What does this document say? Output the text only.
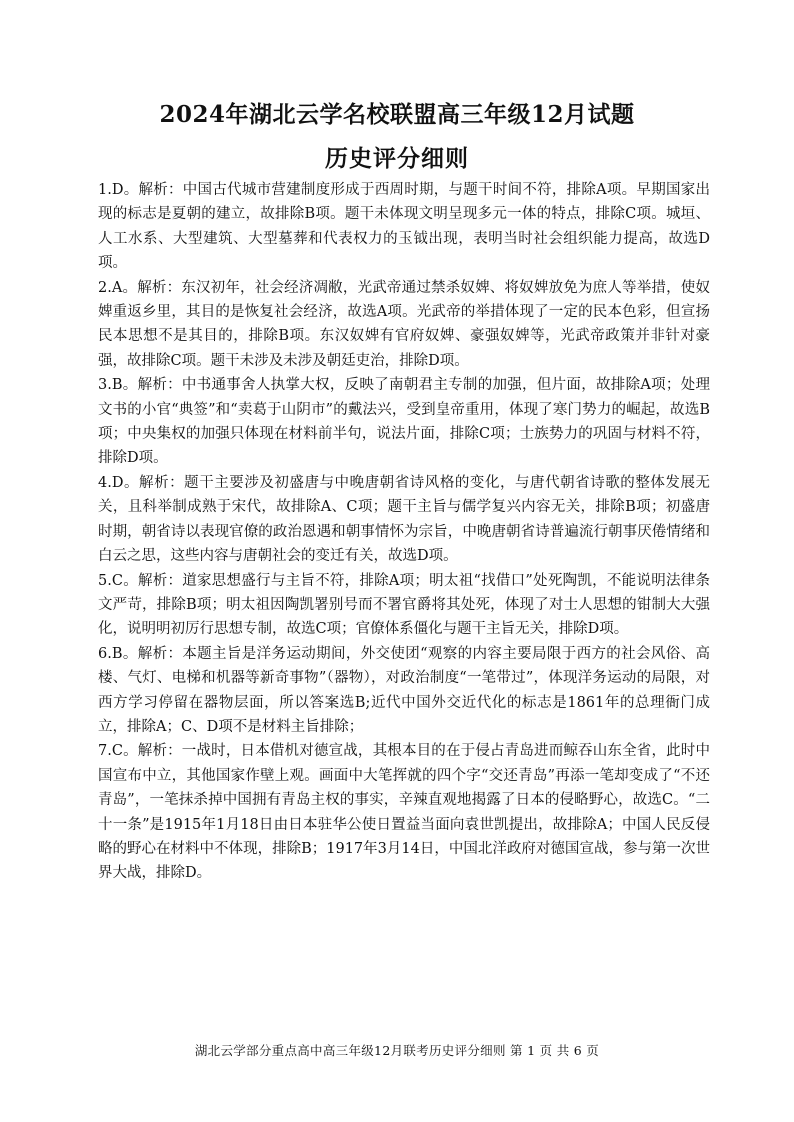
2024年湖北云学名校联盟高三年级12月试题
历史评分细则

1.D。解析：中国古代城市营建制度形成于西周时期，与题干时间不符，排除A项。早期国家出现的标志是夏朝的建立，故排除B项。题干未体现文明呈现多元一体的特点，排除C项。城垣、人工水系、大型建筑、大型墓葬和代表权力的玉钺出现，表明当时社会组织能力提高，故选D项。

2.A。解析：东汉初年，社会经济凋敝，光武帝通过禁杀奴婢、将奴婢放免为庶人等举措，使奴婢重返乡里，其目的是恢复社会经济，故选A项。光武帝的举措体现了一定的民本色彩，但宣扬民本思想不是其目的，排除B项。东汉奴婢有官府奴婢、豪强奴婢等，光武帝政策并非针对豪强，故排除C项。题干未涉及未涉及朝廷吏治，排除D项。

3.B。解析：中书通事舍人执掌大权，反映了南朝君主专制的加强，但片面，故排除A项；处理文书的小官“典签”和“卖葛于山阴市”的戴法兴，受到皇帝重用，体现了寒门势力的崛起，故选B项；中央集权的加强只体现在材料前半句，说法片面，排除C项；士族势力的巩固与材料不符，排除D项。

4.D。解析：题干主要涉及初盛唐与中晚唐朝省诗风格的变化，与唐代朝省诗歌的整体发展无关，且科举制成熟于宋代，故排除A、C项；题干主旨与儒学复兴内容无关，排除B项；初盛唐时期，朝省诗以表现官僚的政治恩遇和朝事情怀为宗旨，中晚唐朝省诗普遍流行朝事厌倦情绪和白云之思，这些内容与唐朝社会的变迁有关，故选D项。

5.C。解析：道家思想盛行与主旨不符，排除A项；明太祖“找借口”处死陶凯，不能说明法律条文严苛，排除B项；明太祖因陶凯署别号而不署官爵将其处死，体现了对士人思想的钳制大大强化，说明明初厉行思想专制，故选C项；官僚体系僵化与题干主旨无关，排除D项。

6.B。解析：本题主旨是洋务运动期间，外交使团“观察的内容主要局限于西方的社会风俗、高楼、气灯、电梯和机器等新奇事物”（器物），对政治制度“一笔带过”，体现洋务运动的局限，对西方学习停留在器物层面，所以答案选B;近代中国外交近代化的标志是1861年的总理衙门成立，排除A；C、D项不是材料主旨排除；

7.C。解析：一战时，日本借机对德宣战，其根本目的在于侵占青岛进而鲸吞山东全省，此时中国宣布中立，其他国家作壁上观。画面中大笔挥就的四个字“交还青岛”再添一笔却变成了“不还青岛”，一笔抹杀掉中国拥有青岛主权的事实，辛辣直观地揭露了日本的侵略野心，故选C。“二十一条”是1915年1月18日由日本驻华公使日置益当面向袁世凯提出，故排除A；中国人民反侵略的野心在材料中不体现，排除B；1917年3月14日，中国北洋政府对德国宣战，参与第一次世界大战，排除D。

湖北云学部分重点高中高三年级12月联考历史评分细则 第 1 页 共 6 页
